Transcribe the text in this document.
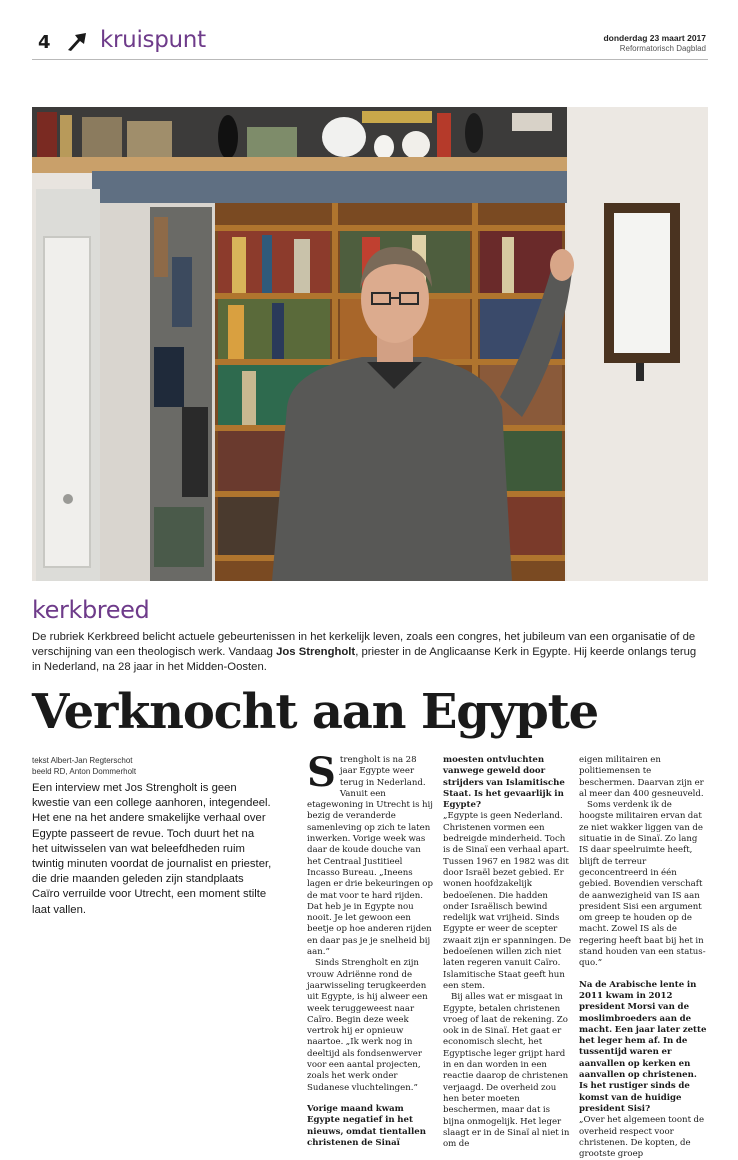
4 kruispunt	donderdag 23 maart 2017
Reformatorisch Dagblad
kerkbreed

De rubriek Kerkbreed belicht actuele gebeurtenissen in het kerkelijk leven, zoals een congres, het jubileum van een organisatie of de verschijning van een theologisch werk. Vandaag Jos Strengholt, priester in de Anglicaanse Kerk in Egypte. Hij keerde onlangs terug in Nederland, na 28 jaar in het Midden-Oosten.

Verknocht aan Egypte
tekst Albert-Jan Regterschot
beeld RD, Anton Dommerholt

Een interview met Jos Strengholt is geen kwestie van een college aanhoren, integendeel. Het ene na het andere smakelijke verhaal over Egypte passeert de revue. Toch duurt het na het uitwisselen van wat beleefdheden ruim twintig minuten voordat de journalist en priester, die drie maanden geleden zijn standplaats Caïro verruilde voor Utrecht, een moment stilte laat vallen.

Strengholt is na 28 jaar Egypte weer terug in Nederland. Vanuit een etagewoning in Utrecht is hij bezig de veranderde samenleving op zich te laten inwerken. Vorige week was daar de koude douche van het Centraal Justitieel Incasso Bureau. „Ineens lagen er drie bekeuringen op de mat voor te hard rijden. Dat heb je in Egypte nou nooit. Je let gewoon een beetje op hoe anderen rijden en daar pas je je snelheid bij aan.”

Sinds Strengholt en zijn vrouw Adriënne rond de jaarwisseling terugkeerden uit Egypte, is hij alweer een week teruggeweest naar Caïro. Begin deze week vertrok hij er opnieuw naartoe. „Ik werk nog in deeltijd als fondsenwerver voor een aantal projecten, zoals het werk onder Sudanese vluchtelingen.”

Vorige maand kwam Egypte negatief in het nieuws, omdat tientallen christenen de Sinaï

moesten ontvluchten vanwege geweld door strijders van Islamitische Staat. Is het gevaarlijk in Egypte?

„Egypte is geen Nederland. Christenen vormen een bedreigde minderheid. Toch is de Sinaï een verhaal apart. Tussen 1967 en 1982 was dit door Israël bezet gebied. Er wonen hoofdzakelijk bedoeïenen. Die hadden onder Israëlisch bewind redelijk wat vrijheid. Sinds Egypte er weer de scepter zwaait zijn er spanningen. De bedoeïenen willen zich niet laten regeren vanuit Caïro. Islamitische Staat geeft hun een stem.

Bij alles wat er misgaat in Egypte, betalen christenen vroeg of laat de rekening. Zo ook in de Sinaï. Het gaat er economisch slecht, het Egyptische leger grijpt hard in en dan worden in een reactie daarop de christenen verjaagd. De overheid zou hen beter moeten beschermen, maar dat is bijna onmogelijk. Het leger slaagt er in de Sinaï al niet in om de

eigen militairen en politiemensen te beschermen. Daarvan zijn er al meer dan 400 gesneuveld.

Soms verdenk ik de hoogste militairen ervan dat ze niet wakker liggen van de situatie in de Sinaï. Zo lang IS daar speelruimte heeft, blijft de terreur geconcentreerd in één gebied. Bovendien verschaft de aanwezigheid van IS aan president Sisi een argument om greep te houden op de macht. Zowel IS als de regering heeft baat bij het in stand houden van een status-quo.”

Na de Arabische lente in 2011 kwam in 2012 president Morsi van de moslimbroeders aan de macht. Een jaar later zette het leger hem af. In de tussentijd waren er aanvallen op kerken en aanvallen op christenen. Is het rustiger sinds de komst van de huidige president Sisi?

„Over het algemeen toont de overheid respect voor christenen. De kopten, de grootste groep
